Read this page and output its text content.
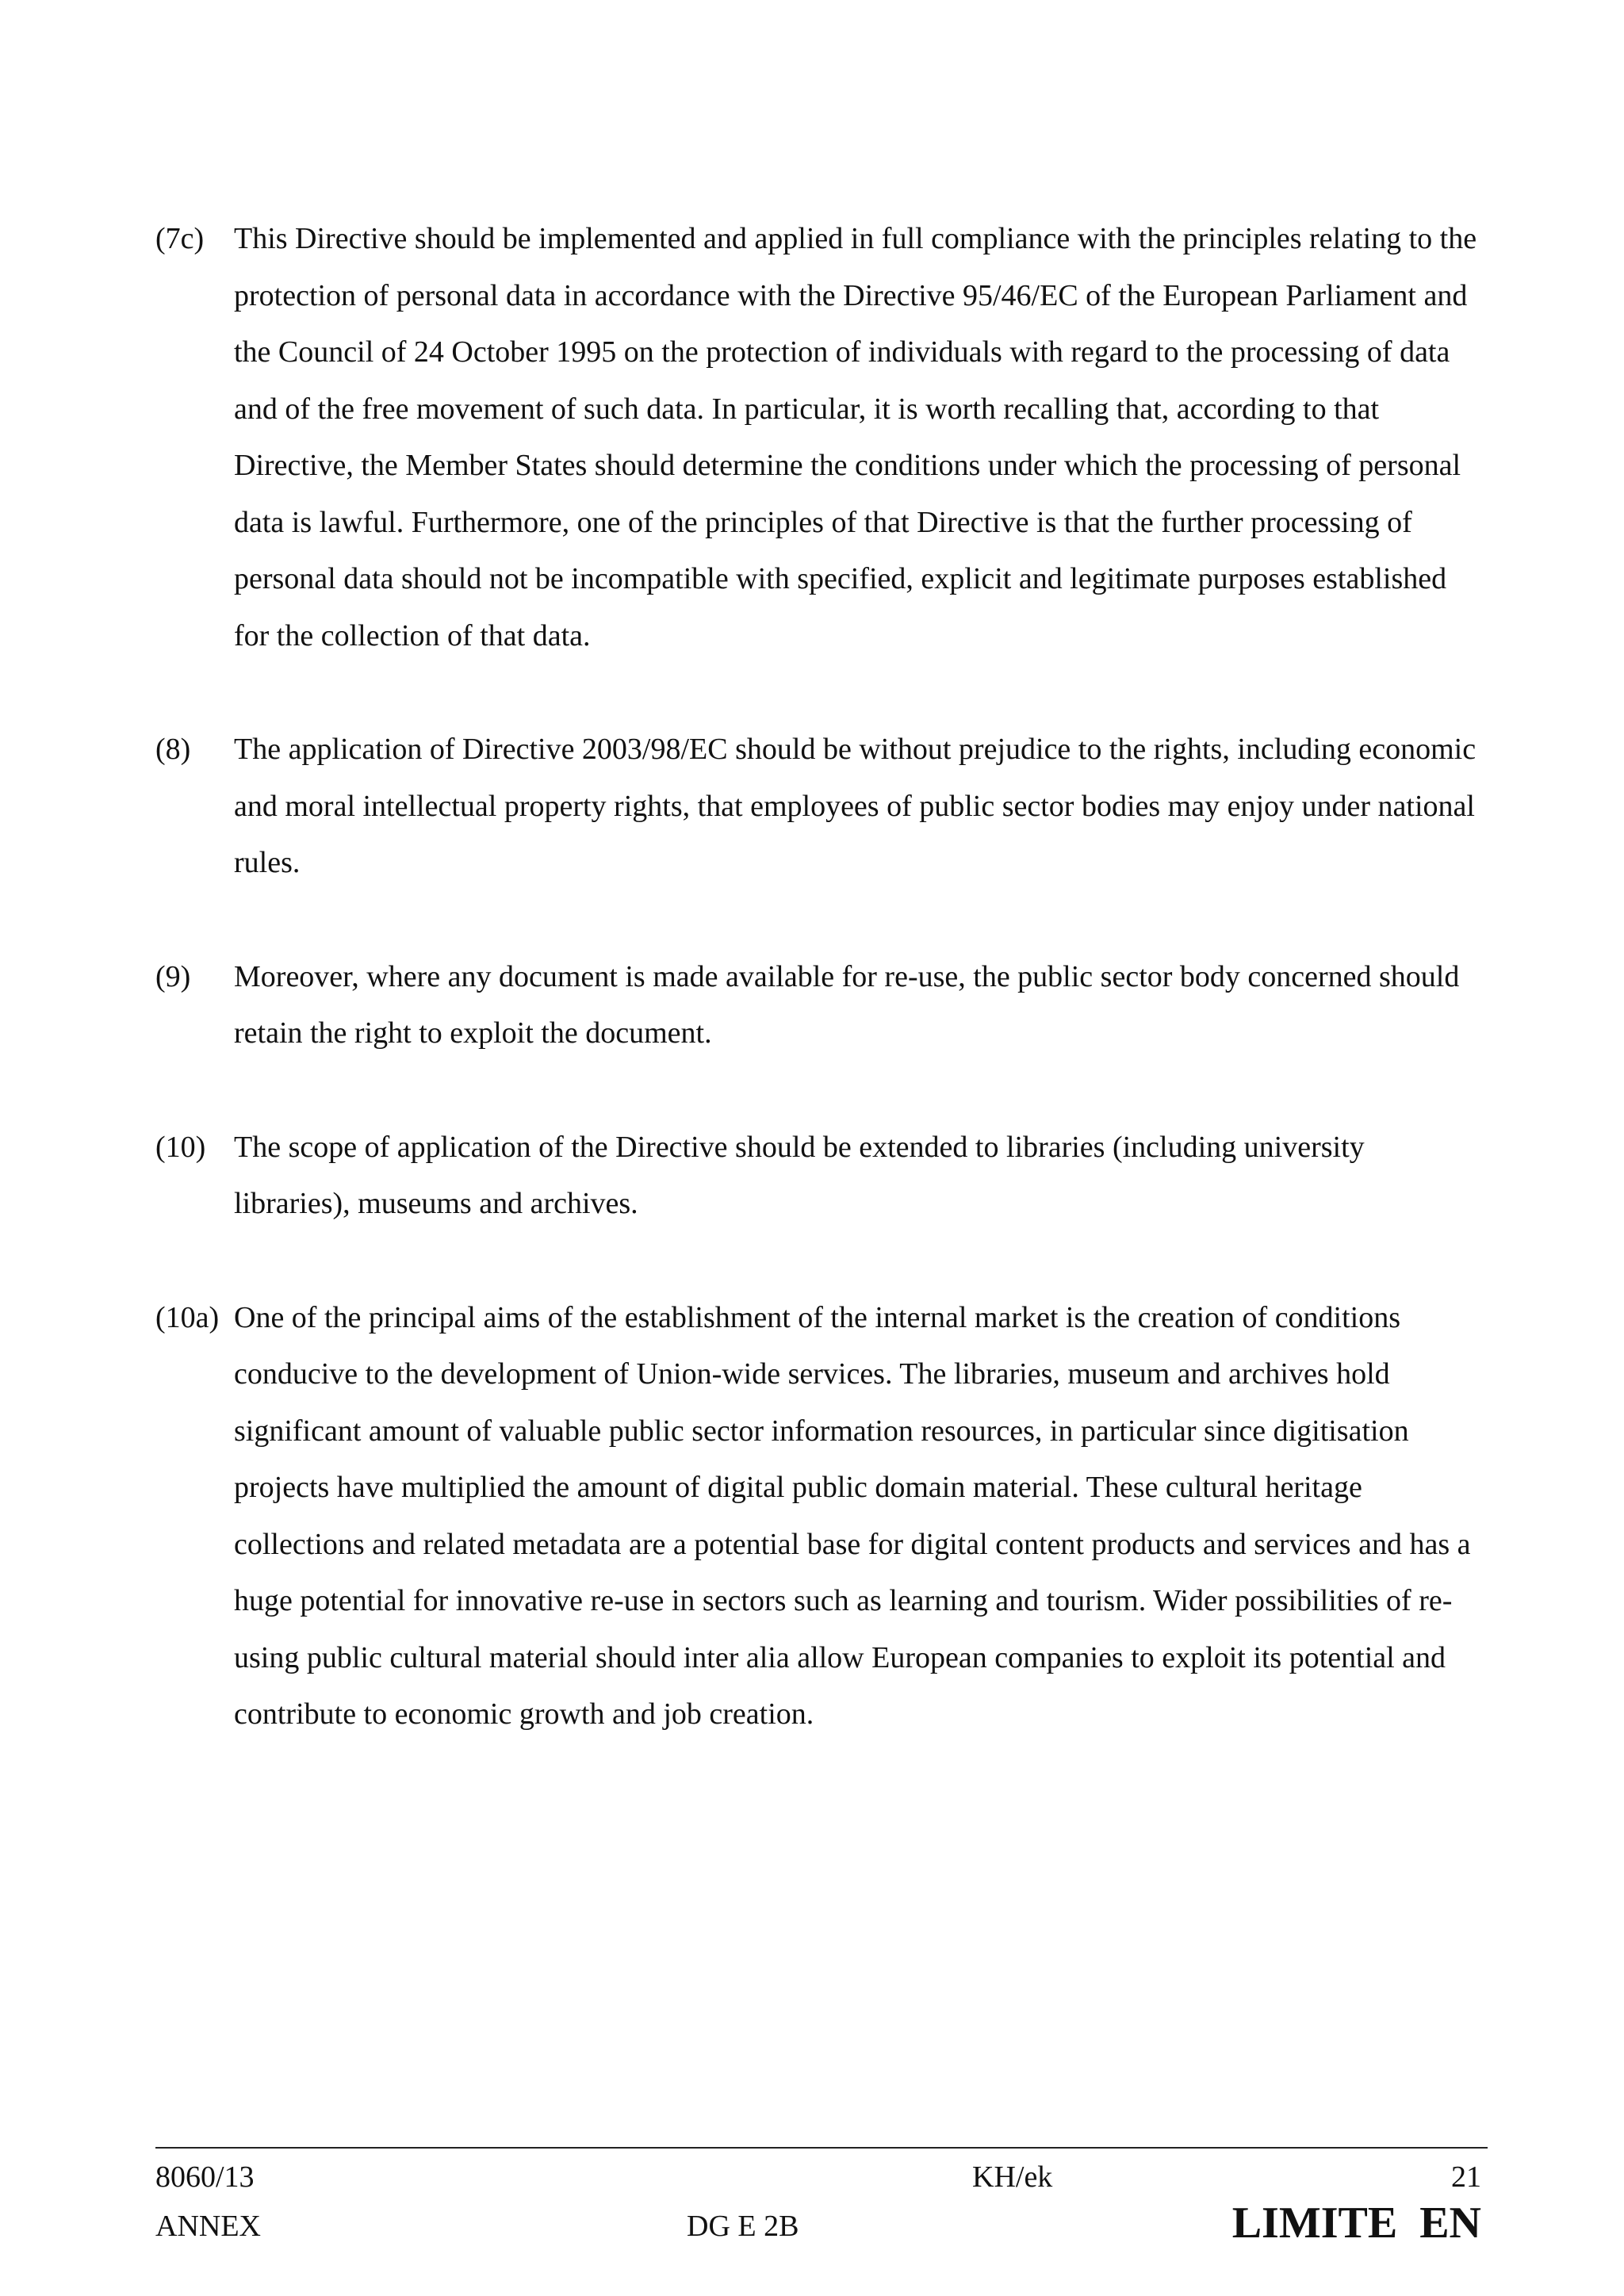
(7c) This Directive should be implemented and applied in full compliance with the principles relating to the protection of personal data in accordance with the Directive 95/46/EC of the European Parliament and the Council of 24 October 1995 on the protection of individuals with regard to the processing of data and of the free movement of such data. In particular, it is worth recalling that, according to that Directive, the Member States should determine the conditions under which the processing of personal data is lawful. Furthermore, one of the principles of that Directive is that the further processing of personal data should not be incompatible with specified, explicit and legitimate purposes established for the collection of that data.
(8) The application of Directive 2003/98/EC should be without prejudice to the rights, including economic and moral intellectual property rights, that employees of public sector bodies may enjoy under national rules.
(9) Moreover, where any document is made available for re-use, the public sector body concerned should retain the right to exploit the document.
(10) The scope of application of the Directive should be extended to libraries (including university libraries), museums and archives.
(10a) One of the principal aims of the establishment of the internal market is the creation of conditions conducive to the development of Union-wide services. The libraries, museum and archives hold significant amount of valuable public sector information resources, in particular since digitisation projects have multiplied the amount of digital public domain material. These cultural heritage collections and related metadata are a potential base for digital content products and services and has a huge potential for innovative re-use in sectors such as learning and tourism. Wider possibilities of re-using public cultural material should inter alia allow European companies to exploit its potential and contribute to economic growth and job creation.
8060/13
ANNEX
KH/ek
DG E 2B
21
LIMITE  EN
